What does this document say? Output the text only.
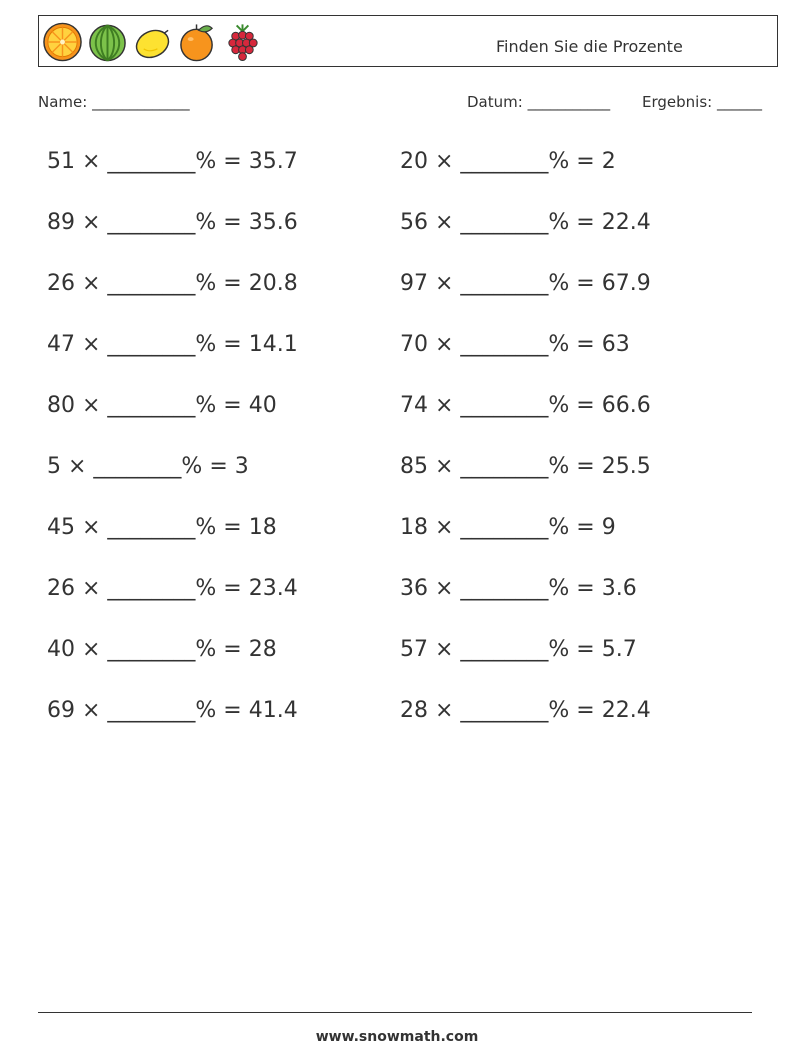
Finden Sie die Prozente
Name: _____________	Datum: ___________ Ergebnis: ______
51 × ________% = 35.7
89 × ________% = 35.6
26 × ________% = 20.8
47 × ________% = 14.1
80 × ________% = 40
5 × ________% = 3
45 × ________% = 18
26 × ________% = 23.4
40 × ________% = 28
69 × ________% = 41.4
20 × ________% = 2
56 × ________% = 22.4
97 × ________% = 67.9
70 × ________% = 63
74 × ________% = 66.6
85 × ________% = 25.5
18 × ________% = 9
36 × ________% = 3.6
57 × ________% = 5.7
28 × ________% = 22.4
www.snowmath.com
